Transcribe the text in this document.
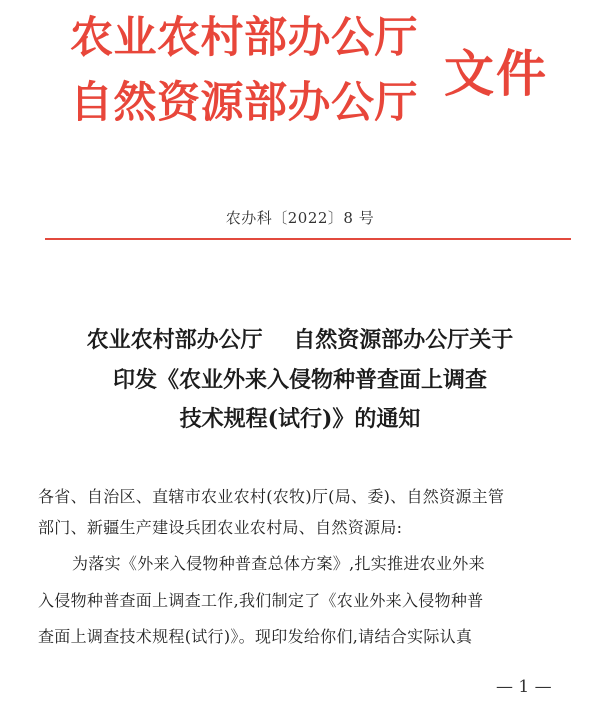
农业农村部办公厅
自然资源部办公厅 文件
农办科〔2022〕8 号
农业农村部办公厅    自然资源部办公厅关于
印发《农业外来入侵物种普查面上调查
技术规程(试行)》的通知
各省、自治区、直辖市农业农村(农牧)厅(局、委)、自然资源主管
部门、新疆生产建设兵团农业农村局、自然资源局:
为落实《外来入侵物种普查总体方案》,扎实推进农业外来
入侵物种普查面上调查工作,我们制定了《农业外来入侵物种普
查面上调查技术规程(试行)》。现印发给你们,请结合实际认真
— 1 —
